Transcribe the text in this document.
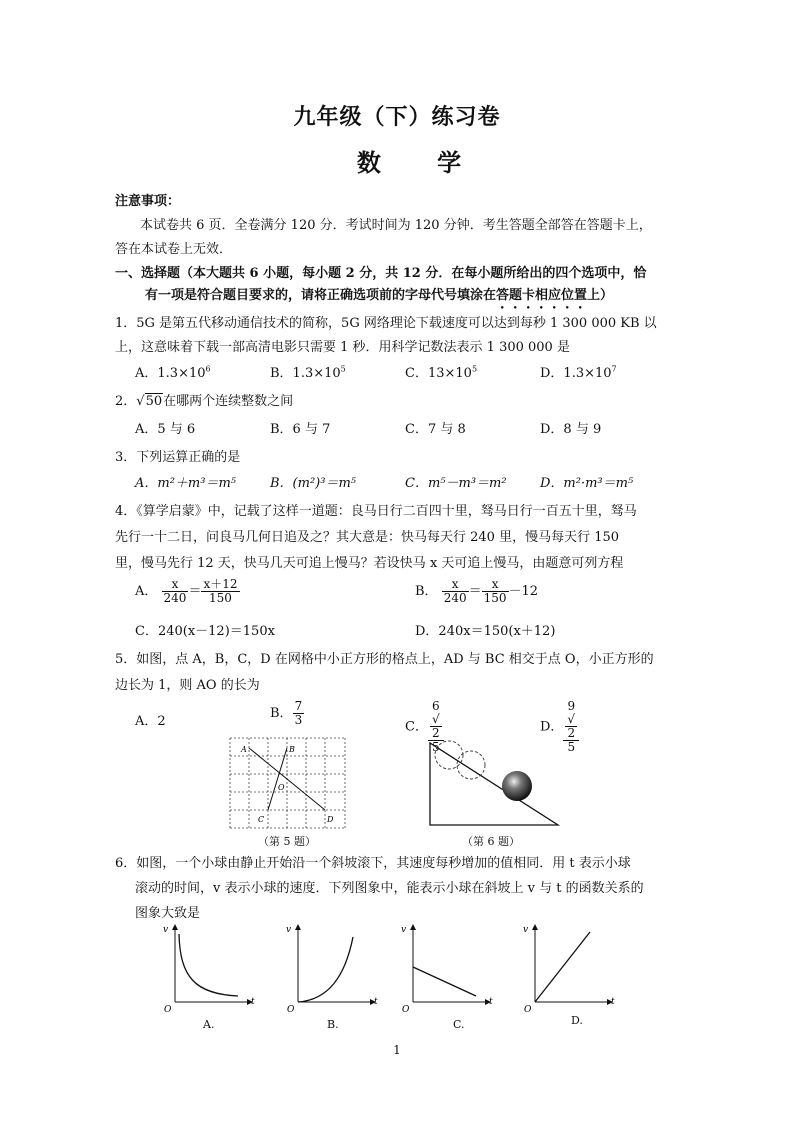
九年级（下）练习卷
数 学
注意事项：
本试卷共 6 页．全卷满分 120 分．考试时间为 120 分钟．考生答题全部答在答题卡上，
答在本试卷上无效．
一、选择题（本大题共 6 小题，每小题 2 分，共 12 分．在每小题所给出的四个选项中，恰
有一项是符合题目要求的，请将正确选项前的字母代号填涂在答题卡相应位置上）
1．5G 是第五代移动通信技术的简称，5G 网络理论下载速度可以达到每秒 1 300 000 KB 以
上，这意味着下载一部高清电影只需要 1 秒．用科学记数法表示 1 300 000 是
A．$1.3\times 10^6$	B．$1.3\times 10^5$	C．$13\times 10^5$	D．$1.3\times 10^7$
2．√50在哪两个连续整数之间
A．5 与 6	B．6 与 7	C．7 与 8	D．8 与 9
3．下列运算正确的是
A．m²＋m³＝m⁵	B．(m²)³＝m⁵	C．m⁵－m³＝m²	D．m²·m³＝m⁵
4．《算学启蒙》中，记载了这样一道题：良马日行二百四十里，驽马日行一百五十里，驽马
先行一十二日，问良马几何日追及之？其大意是：快马每天行 240 里，慢马每天行 150
里，慢马先行 12 天，快马几天可追上慢马？若设快马 x 天可追上慢马，由题意可列方程
A． $\frac{x}{240} = \frac{x+12}{150}$	B． $\frac{x}{240} = \frac{x}{150} -12$
C．240(x－12)＝150x	D．240x＝150(x＋12)
5．如图，点 A，B，C，D 在网格中小正方形的格点上，AD 与 BC 相交于点 O，小正方形的
边长为 1，则 AO 的长为
A．2
B． $\frac{7}{3}$	C． 6
√
2
5	D． 9
√
2
5
A	B
O
C	D
（第 5 题）	（第 6 题）
6．如图，一个小球由静止开始沿一个斜坡滚下，其速度每秒增加的值相同．用 t 表示小球
滚动的时间，v 表示小球的速度．下列图象中，能表示小球在斜坡上 v 与 t 的函数关系的
图象大致是
v
t
O
A.
v
t
O
B.
v
t
O
C.
v
t
O
D.
1
